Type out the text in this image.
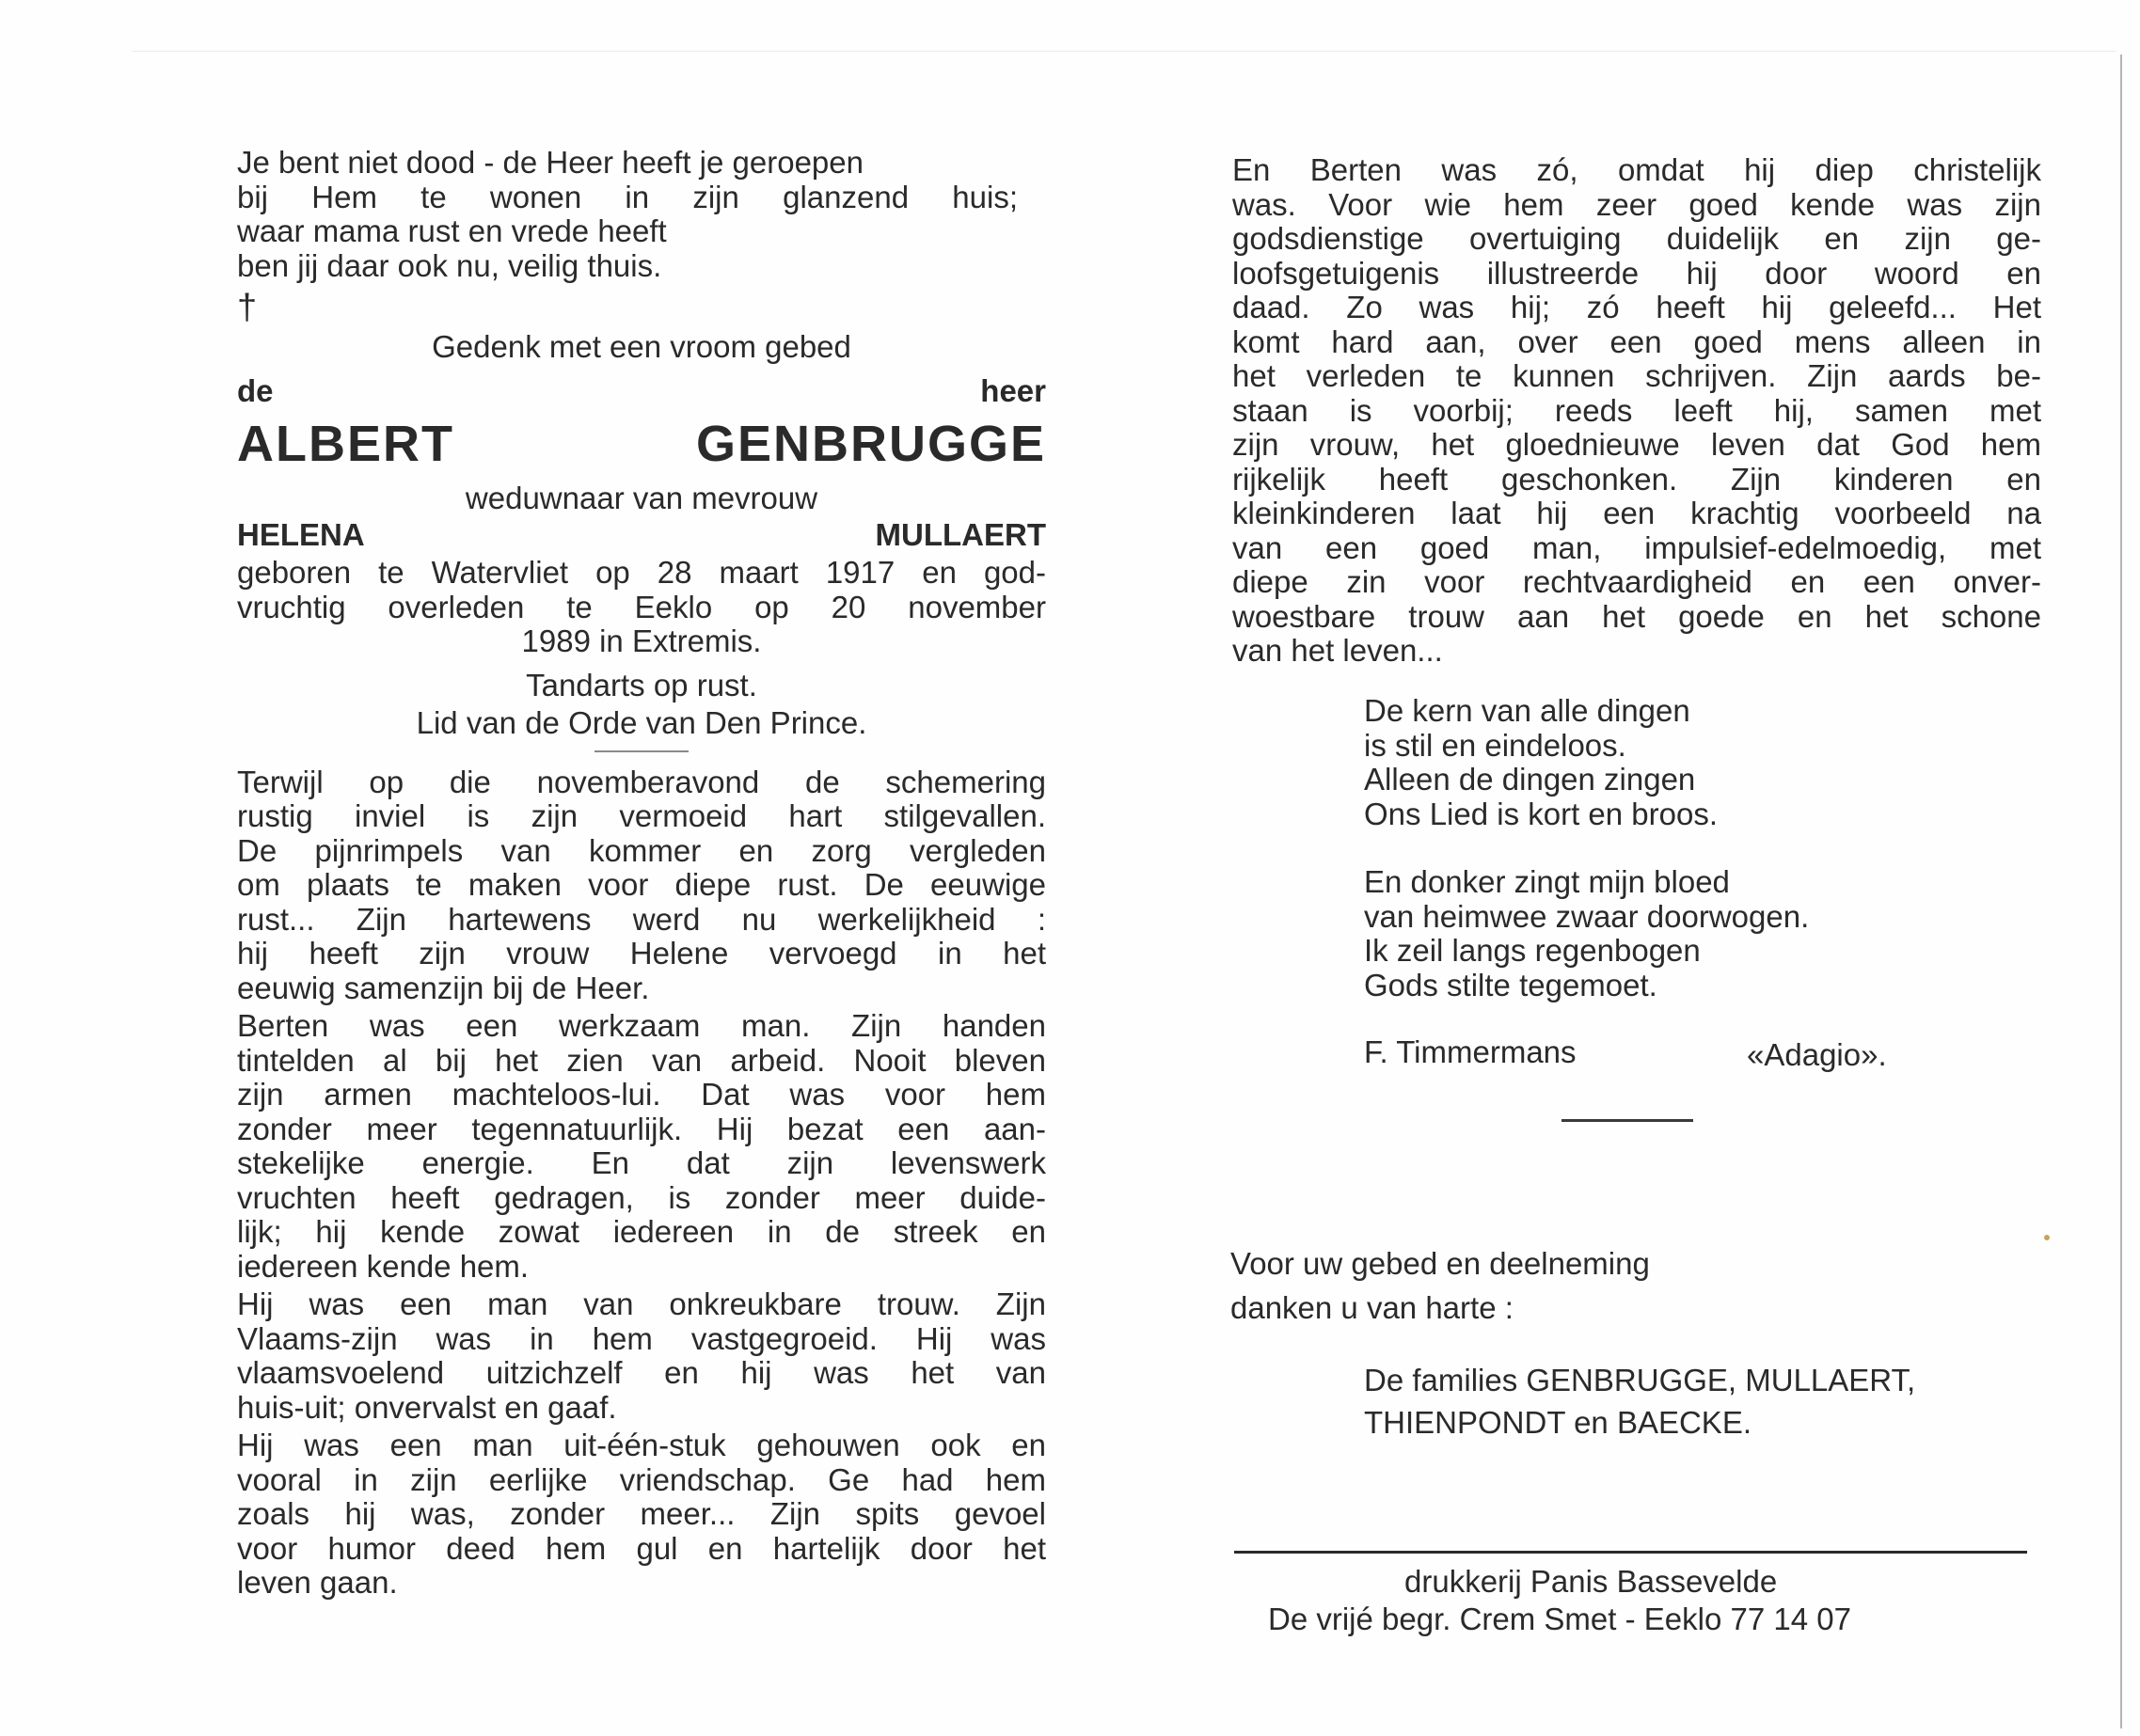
Je bent niet dood - de Heer heeft je geroepen
bij Hem te wonen in zijn glanzend huis;
waar mama rust en vrede heeft
ben jij daar ook nu, veilig thuis.
†
Gedenk met een vroom gebed
de heer
ALBERT GENBRUGGE
weduwnaar van mevrouw
HELENA MULLAERT
geboren te Watervliet op 28 maart 1917 en god-
vruchtig overleden te Eeklo op 20 november
1989 in Extremis.
Tandarts op rust.
Lid van de Orde van Den Prince.
Terwijl op die novemberavond de schemering
rustig inviel is zijn vermoeid hart stilgevallen.
De pijnrimpels van kommer en zorg vergleden
om plaats te maken voor diepe rust. De eeuwige
rust... Zijn hartewens werd nu werkelijkheid :
hij heeft zijn vrouw Helene vervoegd in het
eeuwig samenzijn bij de Heer.
Berten was een werkzaam man. Zijn handen
tintelden al bij het zien van arbeid. Nooit bleven
zijn armen machteloos-lui. Dat was voor hem
zonder meer tegennatuurlijk. Hij bezat een aan-
stekelijke energie. En dat zijn levenswerk
vruchten heeft gedragen, is zonder meer duide-
lijk; hij kende zowat iedereen in de streek en
iedereen kende hem.
Hij was een man van onkreukbare trouw. Zijn
Vlaams-zijn was in hem vastgegroeid. Hij was
vlaamsvoelend uitzichzelf en hij was het van
huis-uit; onvervalst en gaaf.
Hij was een man uit-één-stuk gehouwen ook en
vooral in zijn eerlijke vriendschap. Ge had hem
zoals hij was, zonder meer... Zijn spits gevoel
voor humor deed hem gul en hartelijk door het
leven gaan.
En Berten was zó, omdat hij diep christelijk
was. Voor wie hem zeer goed kende was zijn
godsdienstige overtuiging duidelijk en zijn ge-
loofsgetuigenis illustreerde hij door woord en
daad. Zo was hij; zó heeft hij geleefd... Het
komt hard aan, over een goed mens alleen in
het verleden te kunnen schrijven. Zijn aards be-
staan is voorbij; reeds leeft hij, samen met
zijn vrouw, het gloednieuwe leven dat God hem
rijkelijk heeft geschonken. Zijn kinderen en
kleinkinderen laat hij een krachtig voorbeeld na
van een goed man, impulsief-edelmoedig, met
diepe zin voor rechtvaardigheid en een onver-
woestbare trouw aan het goede en het schone
van het leven...
De kern van alle dingen
is stil en eindeloos.
Alleen de dingen zingen
Ons Lied is kort en broos.
En donker zingt mijn bloed
van heimwee zwaar doorwogen.
Ik zeil langs regenbogen
Gods stilte tegemoet.
F. Timmermans	«Adagio».
Voor uw gebed en deelneming
danken u van harte :
De families GENBRUGGE, MULLAERT,
THIENPONDT en BAECKE.
drukkerij Panis Bassevelde
De vrijé begr. Crem Smet - Eeklo 77 14 07
